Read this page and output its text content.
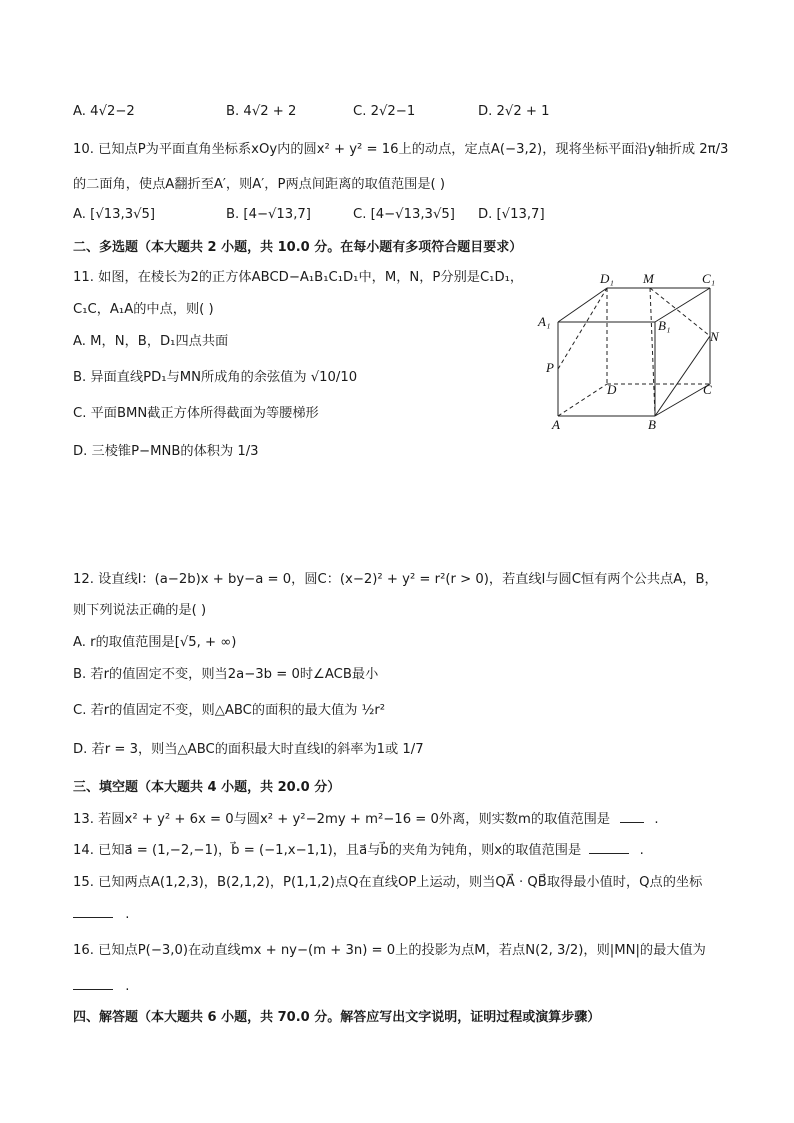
A. 4√2−2	B. 4√2 + 2	C. 2√2−1	D. 2√2 + 1
10. 已知点P为平面直角坐标系xOy内的圆x² + y² = 16上的动点，定点A(−3,2)，现将坐标平面沿y轴折成 2π/3
的二面角，使点A翻折至A′，则A′，P两点间距离的取值范围是( )
A. [√13,3√5]	B. [4−√13,7]	C. [4−√13,3√5] D. [√13,7]
二、多选题（本大题共 2 小题，共 10.0 分。在每小题有多项符合题目要求）
11. 如图，在棱长为2的正方体ABCD−A₁B₁C₁D₁中，M，N，P分别是C₁D₁，
C₁C，A₁A的中点，则( )
A. M，N，B，D₁四点共面
B. 异面直线PD₁与MN所成角的余弦值为 √10/10
C. 平面BMN截正方体所得截面为等腰梯形
D. 三棱锥P−MNB的体积为 1/3
D₁ M	C₁
A₁	B₁
N
P
D	C
A	B
12. 设直线l：(a−2b)x + by−a = 0，圆C：(x−2)² + y² = r²(r > 0)，若直线l与圆C恒有两个公共点A，B，
则下列说法正确的是( )
A. r的取值范围是[√5, + ∞)
B. 若r的值固定不变，则当2a−3b = 0时∠ACB最小
C. 若r的值固定不变，则△ABC的面积的最大值为 ½r²
D. 若r = 3，则当△ABC的面积最大时直线l的斜率为1或 1/7
三、填空题（本大题共 4 小题，共 20.0 分）
13. 若圆x² + y² + 6x = 0与圆x² + y²−2my + m²−16 = 0外离，则实数m的取值范围是	.
14. 已知a⃗ = (1,−2,−1)，b⃗ = (−1,x−1,1)，且a⃗与b⃗的夹角为钝角，则x的取值范围是	.
15. 已知两点A(1,2,3)，B(2,1,2)，P(1,1,2)点Q在直线OP上运动，则当QA⃗ · QB⃗取得最小值时，Q点的坐标
.
16. 已知点P(−3,0)在动直线mx + ny−(m + 3n) = 0上的投影为点M，若点N(2, 3/2)，则|MN|的最大值为
.
四、解答题（本大题共 6 小题，共 70.0 分。解答应写出文字说明，证明过程或演算步骤）
